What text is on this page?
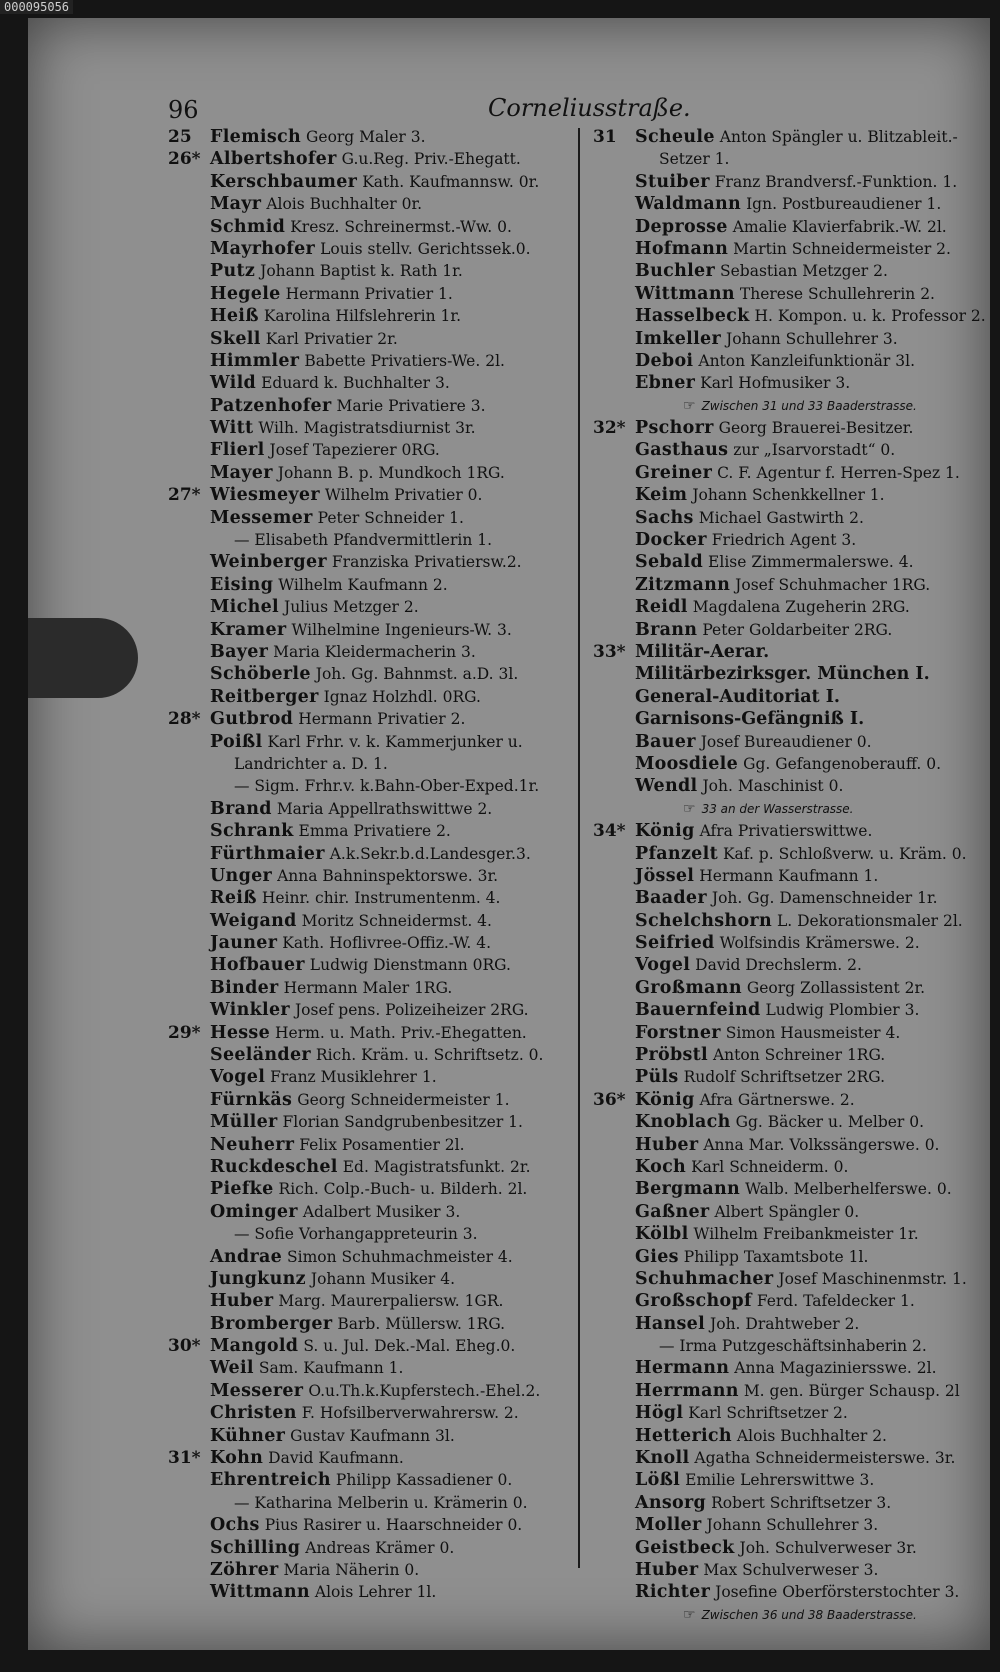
000095056
96	Corneliusstraße.
25 Flemisch Georg Maler 3.
26* Albertshofer G.u.Reg. Priv.-Ehegatt.
Kerschbaumer Kath. Kaufmannsw. 0r.
Mayr Alois Buchhalter 0r.
Schmid Kresz. Schreinermst.-Ww. 0.
Mayrhofer Louis stellv. Gerichtssek.0.
Putz Johann Baptist k. Rath 1r.
Hegele Hermann Privatier 1.
Heiß Karolina Hilfslehrerin 1r.
Skell Karl Privatier 2r.
Himmler Babette Privatiers-We. 2l.
Wild Eduard k. Buchhalter 3.
Patzenhofer Marie Privatiere 3.
Witt Wilh. Magistratsdiurnist 3r.
Flierl Josef Tapezierer 0RG.
Mayer Johann B. p. Mundkoch 1RG.
27* Wiesmeyer Wilhelm Privatier 0.
Messemer Peter Schneider 1.
— Elisabeth Pfandvermittlerin 1.
Weinberger Franziska Privatiersw.2.
Eising Wilhelm Kaufmann 2.
Michel Julius Metzger 2.
Kramer Wilhelmine Ingenieurs-W. 3.
Bayer Maria Kleidermacherin 3.
Schöberle Joh. Gg. Bahnmst. a.D. 3l.
Reitberger Ignaz Holzhdl. 0RG.
28* Gutbrod Hermann Privatier 2.
Poißl Karl Frhr. v. k. Kammerjunker u.
Landrichter a. D. 1.
— Sigm. Frhr.v. k.Bahn-Ober-Exped.1r.
Brand Maria Appellrathswittwe 2.
Schrank Emma Privatiere 2.
Fürthmaier A.k.Sekr.b.d.Landesger.3.
Unger Anna Bahninspektorswe. 3r.
Reiß Heinr. chir. Instrumentenm. 4.
Weigand Moritz Schneidermst. 4.
Jauner Kath. Hoflivree-Offiz.-W. 4.
Hofbauer Ludwig Dienstmann 0RG.
Binder Hermann Maler 1RG.
Winkler Josef pens. Polizeiheizer 2RG.
29* Hesse Herm. u. Math. Priv.-Ehegatten.
Seeländer Rich. Kräm. u. Schriftsetz. 0.
Vogel Franz Musiklehrer 1.
Fürnkäs Georg Schneidermeister 1.
Müller Florian Sandgrubenbesitzer 1.
Neuherr Felix Posamentier 2l.
Ruckdeschel Ed. Magistratsfunkt. 2r.
Piefke Rich. Colp.-Buch- u. Bilderh. 2l.
Ominger Adalbert Musiker 3.
— Sofie Vorhangappreteurin 3.
Andrae Simon Schuhmachmeister 4.
Jungkunz Johann Musiker 4.
Huber Marg. Maurerpaliersw. 1GR.
Bromberger Barb. Müllersw. 1RG.
30* Mangold S. u. Jul. Dek.-Mal. Eheg.0.
Weil Sam. Kaufmann 1.
Messerer O.u.Th.k.Kupferstech.-Ehel.2.
Christen F. Hofsilberverwahrersw. 2.
Kühner Gustav Kaufmann 3l.
31* Kohn David Kaufmann.
Ehrentreich Philipp Kassadiener 0.
— Katharina Melberin u. Krämerin 0.
Ochs Pius Rasirer u. Haarschneider 0.
Schilling Andreas Krämer 0.
Zöhrer Maria Näherin 0.
Wittmann Alois Lehrer 1l.
31 Scheule Anton Spängler u. Blitzableit.-
Setzer 1.
Stuiber Franz Brandversf.-Funktion. 1.
Waldmann Ign. Postbureaudiener 1.
Deprosse Amalie Klavierfabrik.-W. 2l.
Hofmann Martin Schneidermeister 2.
Buchler Sebastian Metzger 2.
Wittmann Therese Schullehrerin 2.
Hasselbeck H. Kompon. u. k. Professor 2.
Imkeller Johann Schullehrer 3.
Deboi Anton Kanzleifunktionär 3l.
Ebner Karl Hofmusiker 3.
☞ Zwischen 31 und 33 Baaderstrasse.
32* Pschorr Georg Brauerei-Besitzer.
Gasthaus zur „Isarvorstadt“ 0.
Greiner C. F. Agentur f. Herren-Spez 1.
Keim Johann Schenkkellner 1.
Sachs Michael Gastwirth 2.
Docker Friedrich Agent 3.
Sebald Elise Zimmermalerswe. 4.
Zitzmann Josef Schuhmacher 1RG.
Reidl Magdalena Zugeherin 2RG.
Brann Peter Goldarbeiter 2RG.
33* Militär-Aerar.
Militärbezirksger. München I.
General-Auditoriat I.
Garnisons-Gefängniß I.
Bauer Josef Bureaudiener 0.
Moosdiele Gg. Gefangenoberauff. 0.
Wendl Joh. Maschinist 0.
☞ 33 an der Wasserstrasse.
34* König Afra Privatierswittwe.
Pfanzelt Kaf. p. Schloßverw. u. Kräm. 0.
Jössel Hermann Kaufmann 1.
Baader Joh. Gg. Damenschneider 1r.
Schelchshorn L. Dekorationsmaler 2l.
Seifried Wolfsindis Krämerswe. 2.
Vogel David Drechslerm. 2.
Großmann Georg Zollassistent 2r.
Bauernfeind Ludwig Plombier 3.
Forstner Simon Hausmeister 4.
Pröbstl Anton Schreiner 1RG.
Püls Rudolf Schriftsetzer 2RG.
36* König Afra Gärtnerswe. 2.
Knoblach Gg. Bäcker u. Melber 0.
Huber Anna Mar. Volkssängerswe. 0.
Koch Karl Schneiderm. 0.
Bergmann Walb. Melberhelferswe. 0.
Gaßner Albert Spängler 0.
Kölbl Wilhelm Freibankmeister 1r.
Gies Philipp Taxamtsbote 1l.
Schuhmacher Josef Maschinenmstr. 1.
Großschopf Ferd. Tafeldecker 1.
Hansel Joh. Drahtweber 2.
— Irma Putzgeschäftsinhaberin 2.
Hermann Anna Magaziniersswe. 2l.
Herrmann M. gen. Bürger Schausp. 2l
Högl Karl Schriftsetzer 2.
Hetterich Alois Buchhalter 2.
Knoll Agatha Schneidermeisterswe. 3r.
Lößl Emilie Lehrerswittwe 3.
Ansorg Robert Schriftsetzer 3.
Moller Johann Schullehrer 3.
Geistbeck Joh. Schulverweser 3r.
Huber Max Schulverweser 3.
Richter Josefine Oberförsterstochter 3.
☞ Zwischen 36 und 38 Baaderstrasse.
